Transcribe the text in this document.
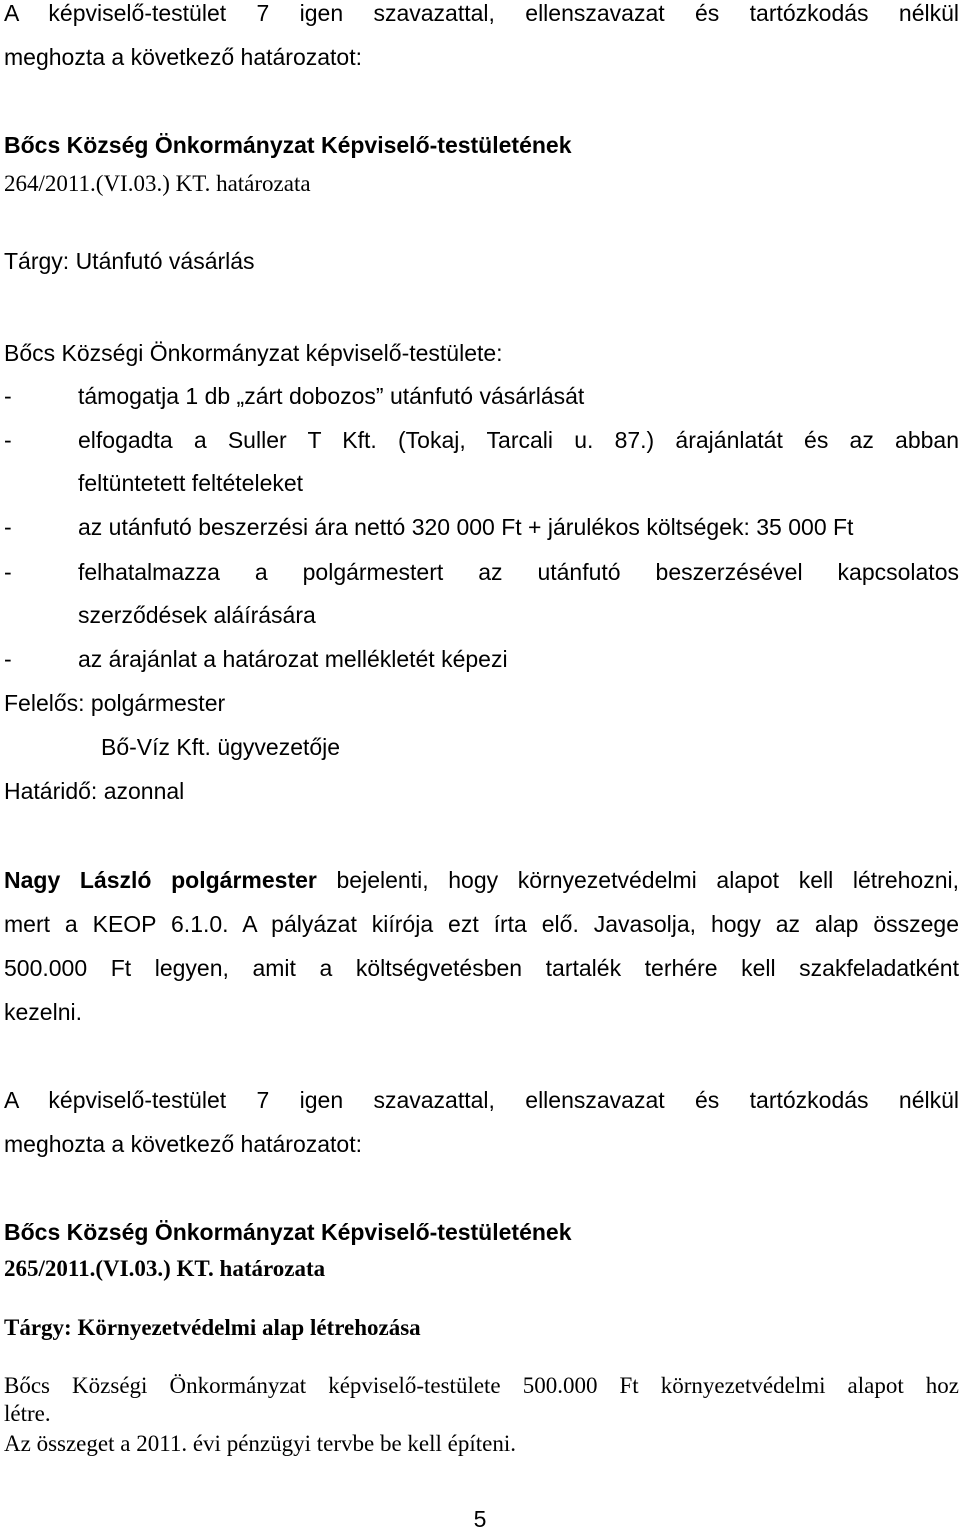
A képviselő-testület 7 igen szavazattal, ellenszavazat és tartózkodás nélkül

meghozta a következő határozatot:

Bőcs Község Önkormányzat Képviselő-testületének

264/2011.(VI.03.) KT. határozata

Tárgy: Utánfutó vásárlás

Bőcs Községi Önkormányzat képviselő-testülete:

-	támogatja 1 db „zárt dobozos” utánfutó vásárlását

-	elfogadta a Suller T Kft. (Tokaj, Tarcali u. 87.) árajánlatát és az abban

feltüntetett feltételeket

-	az utánfutó beszerzési ára nettó 320 000 Ft + járulékos költségek: 35 000 Ft

-	felhatalmazza a polgármestert az utánfutó beszerzésével kapcsolatos

szerződések aláírására

-	az árajánlat a határozat mellékletét képezi

Felelős: polgármester

Bő-Víz Kft. ügyvezetője

Határidő: azonnal

Nagy László polgármester bejelenti, hogy környezetvédelmi alapot kell létrehozni,

mert a KEOP 6.1.0. A pályázat kiírója ezt írta elő. Javasolja, hogy az alap összege

500.000 Ft legyen, amit a költségvetésben tartalék terhére kell szakfeladatként

kezelni.

A képviselő-testület 7 igen szavazattal, ellenszavazat és tartózkodás nélkül

meghozta a következő határozatot:

Bőcs Község Önkormányzat Képviselő-testületének

265/2011.(VI.03.) KT. határozata

Tárgy: Környezetvédelmi alap létrehozása

Bőcs Községi Önkormányzat képviselő-testülete 500.000 Ft környezetvédelmi alapot hoz

létre.

Az összeget a 2011. évi pénzügyi tervbe be kell építeni.

5
